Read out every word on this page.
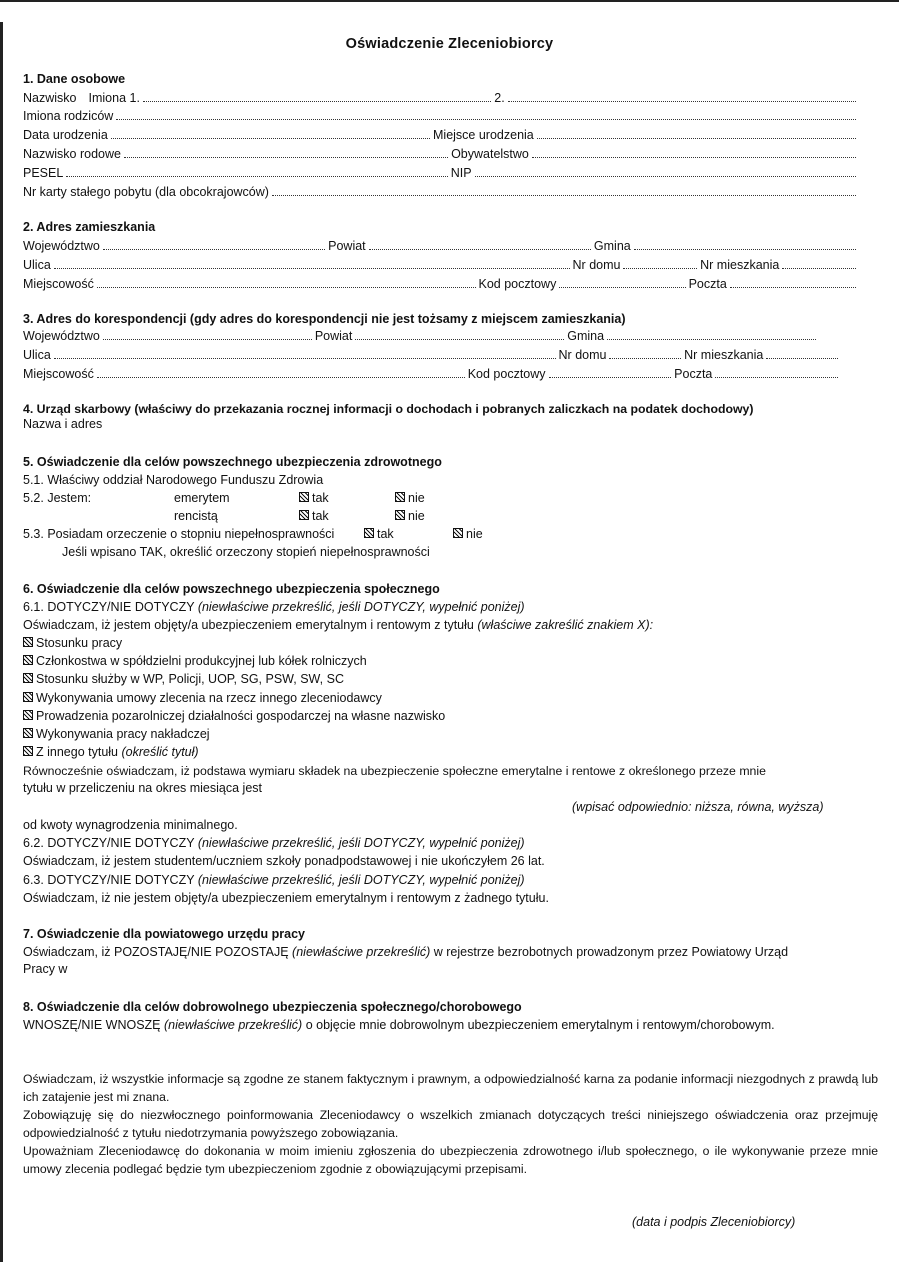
Oświadczenie Zleceniobiorcy
1. Dane osobowe
Nazwisko Imiona 1.	2.
Imiona rodziców
Data urodzenia	Miejsce urodzenia
Nazwisko rodowe	Obywatelstwo
PESEL	NIP
Nr karty stałego pobytu (dla obcokrajowców)
2. Adres zamieszkania
Województwo	Powiat	Gmina
Ulica	Nr domu	Nr mieszkania
Miejscowość	Kod pocztowy	Poczta
3. Adres do korespondencji (gdy adres do korespondencji nie jest tożsamy z miejscem zamieszkania)
Województwo	Powiat	Gmina
Ulica	Nr domu	Nr mieszkania
Miejscowość	Kod pocztowy	Poczta
4. Urząd skarbowy (właściwy do przekazania rocznej informacji o dochodach i pobranych zaliczkach na podatek dochodowy)
Nazwa i adres
5. Oświadczenie dla celów powszechnego ubezpieczenia zdrowotnego
5.1. Właściwy oddział Narodowego Funduszu Zdrowia
5.2. Jestem:	emerytem	tak	nie
rencistą	tak	nie
5.3. Posiadam orzeczenie o stopniu niepełnosprawności	tak	nie
Jeśli wpisano TAK, określić orzeczony stopień niepełnosprawności
6. Oświadczenie dla celów powszechnego ubezpieczenia społecznego
6.1. DOTYCZY/NIE DOTYCZY (niewłaściwe przekreślić, jeśli DOTYCZY, wypełnić poniżej)
Oświadczam, iż jestem objęty/a ubezpieczeniem emerytalnym i rentowym z tytułu (właściwe zakreślić znakiem X):
Stosunku pracy
Członkostwa w spółdzielni produkcyjnej lub kółek rolniczych
Stosunku służby w WP, Policji, UOP, SG, PSW, SW, SC
Wykonywania umowy zlecenia na rzecz innego zleceniodawcy
Prowadzenia pozarolniczej działalności gospodarczej na własne nazwisko
Wykonywania pracy nakładczej
Z innego tytułu (określić tytuł)
Równocześnie oświadczam, iż podstawa wymiaru składek na ubezpieczenie społeczne emerytalne i rentowe z określonego przeze mnie
tytułu w przeliczeniu na okres miesiąca jest
(wpisać odpowiednio: niższa, równa, wyższa)
od kwoty wynagrodzenia minimalnego.
6.2. DOTYCZY/NIE DOTYCZY (niewłaściwe przekreślić, jeśli DOTYCZY, wypełnić poniżej)
Oświadczam, iż jestem studentem/uczniem szkoły ponadpodstawowej i nie ukończyłem 26 lat.
6.3. DOTYCZY/NIE DOTYCZY (niewłaściwe przekreślić, jeśli DOTYCZY, wypełnić poniżej)
Oświadczam, iż nie jestem objęty/a ubezpieczeniem emerytalnym i rentowym z żadnego tytułu.
7. Oświadczenie dla powiatowego urzędu pracy
Oświadczam, iż POZOSTAJĘ/NIE POZOSTAJĘ (niewłaściwe przekreślić) w rejestrze bezrobotnych prowadzonym przez Powiatowy Urząd
Pracy w
8. Oświadczenie dla celów dobrowolnego ubezpieczenia społecznego/chorobowego
WNOSZĘ/NIE WNOSZĘ (niewłaściwe przekreślić) o objęcie mnie dobrowolnym ubezpieczeniem emerytalnym i rentowym/chorobowym.
Oświadczam, iż wszystkie informacje są zgodne ze stanem faktycznym i prawnym, a odpowiedzialność karna za podanie informacji niezgodnych z prawdą lub ich zatajenie jest mi znana.
Zobowiązuję się do niezwłocznego poinformowania Zleceniodawcy o wszelkich zmianach dotyczących treści niniejszego oświadczenia oraz przejmuję odpowiedzialność z tytułu niedotrzymania powyższego zobowiązania.
Upoważniam Zleceniodawcę do dokonania w moim imieniu zgłoszenia do ubezpieczenia zdrowotnego i/lub społecznego, o ile wykonywanie przeze mnie umowy zlecenia podlegać będzie tym ubezpieczeniom zgodnie z obowiązującymi przepisami.
(data i podpis Zleceniobiorcy)
